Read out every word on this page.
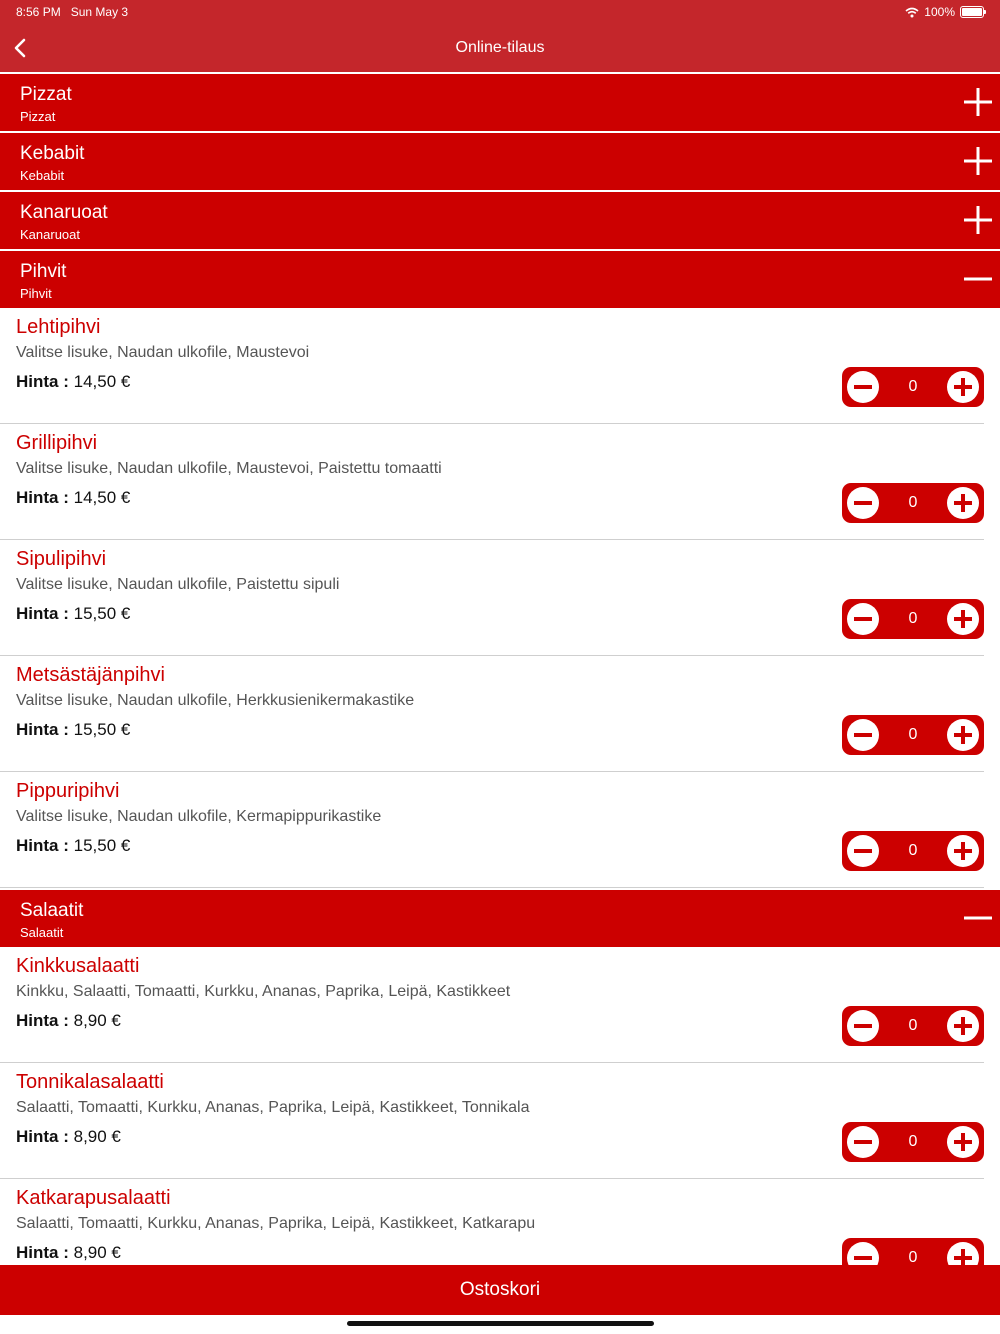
8:56 PM Sun May 3	100%
Online-tilaus
Pizzat
Pizzat
Kebabit
Kebabit
Kanaruoat
Kanaruoat
Pihvit
Pihvit
Lehtipihvi
Valitse lisuke, Naudan ulkofile, Maustevoi
Hinta : 14,50 €	0
Grillipihvi
Valitse lisuke, Naudan ulkofile, Maustevoi, Paistettu tomaatti
Hinta : 14,50 €	0
Sipulipihvi
Valitse lisuke, Naudan ulkofile, Paistettu sipuli
Hinta : 15,50 €	0
Metsästäjänpihvi
Valitse lisuke, Naudan ulkofile, Herkkusienikermakastike
Hinta : 15,50 €	0
Pippuripihvi
Valitse lisuke, Naudan ulkofile, Kermapippurikastike
Hinta : 15,50 €	0
Salaatit
Salaatit
Kinkkusalaatti
Kinkku, Salaatti, Tomaatti, Kurkku, Ananas, Paprika, Leipä, Kastikkeet
Hinta : 8,90 €	0
Tonnikalasalaatti
Salaatti, Tomaatti, Kurkku, Ananas, Paprika, Leipä, Kastikkeet, Tonnikala
Hinta : 8,90 €	0
Katkarapusalaatti
Salaatti, Tomaatti, Kurkku, Ananas, Paprika, Leipä, Kastikkeet, Katkarapu
Hinta : 8,90 €	0
Ostoskori
